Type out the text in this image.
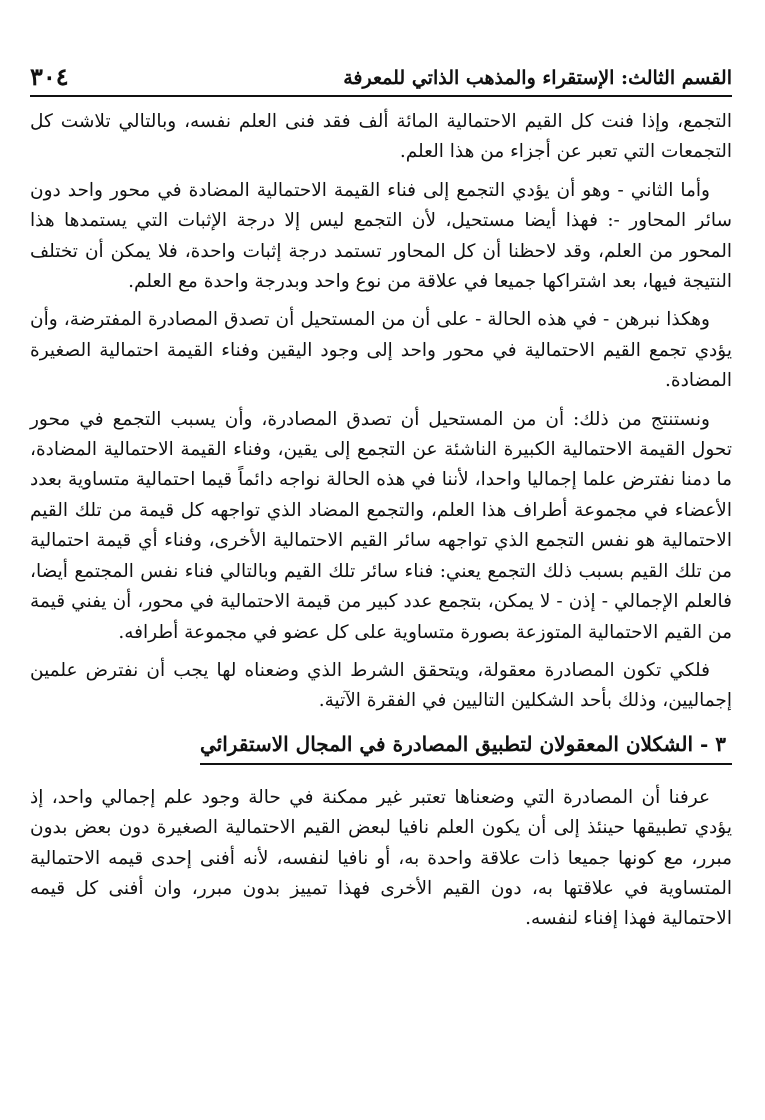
القسم الثالث: الإستقراء والمذهب الذاتي للمعرفة
٣٠٤

التجمع، وإذا فنت كل القيم الاحتمالية المائة ألف فقد فنى العلم نفسه، وبالتالي تلاشت كل التجمعات التي تعبر عن أجزاء من هذا العلم.

وأما الثاني - وهو أن يؤدي التجمع إلى فناء القيمة الاحتمالية المضادة في محور واحد دون سائر المحاور -: فهذا أيضا مستحيل، لأن التجمع ليس إلا درجة الإثبات التي يستمدها هذا المحور من العلم، وقد لاحظنا أن كل المحاور تستمد درجة إثبات واحدة، فلا يمكن أن تختلف النتيجة فيها، بعد اشتراكها جميعا في علاقة من نوع واحد وبدرجة واحدة مع العلم.

وهكذا نبرهن - في هذه الحالة - على أن من المستحيل أن تصدق المصادرة المفترضة، وأن يؤدي تجمع القيم الاحتمالية في محور واحد إلى وجود اليقين وفناء القيمة احتمالية الصغيرة المضادة.

ونستنتج من ذلك: أن من المستحيل أن تصدق المصادرة، وأن يسبب التجمع في محور تحول القيمة الاحتمالية الكبيرة الناشئة عن التجمع إلى يقين، وفناء القيمة الاحتمالية المضادة، ما دمنا نفترض علما إجماليا واحدا، لأننا في هذه الحالة نواجه دائماً قيما احتمالية متساوية بعدد الأعضاء في مجموعة أطراف هذا العلم، والتجمع المضاد الذي تواجهه كل قيمة من تلك القيم الاحتمالية هو نفس التجمع الذي تواجهه سائر القيم الاحتمالية الأخرى، وفناء أي قيمة احتمالية من تلك القيم بسبب ذلك التجمع يعني: فناء سائر تلك القيم وبالتالي فناء نفس المجتمع أيضا، فالعلم الإجمالي - إذن - لا يمكن، بتجمع عدد كبير من قيمة الاحتمالية في محور، أن يفني قيمة من القيم الاحتمالية المتوزعة بصورة متساوية على كل عضو في مجموعة أطرافه.

فلكي تكون المصادرة معقولة، ويتحقق الشرط الذي وضعناه لها يجب أن نفترض علمين إجماليين، وذلك بأحد الشكلين التاليين في الفقرة الآتية.

٣ - الشكلان المعقولان لتطبيق المصادرة في المجال الاستقرائي

عرفنا أن المصادرة التي وضعناها تعتبر غير ممكنة في حالة وجود علم إجمالي واحد، إذ يؤدي تطبيقها حينئذ إلى أن يكون العلم نافيا لبعض القيم الاحتمالية الصغيرة دون بعض بدون مبرر، مع كونها جميعا ذات علاقة واحدة به، أو نافيا لنفسه، لأنه أفنى إحدى قيمه الاحتمالية المتساوية في علاقتها به، دون القيم الأخرى فهذا تمييز بدون مبرر، وان أفنى كل قيمه الاحتمالية فهذا إفناء لنفسه.
